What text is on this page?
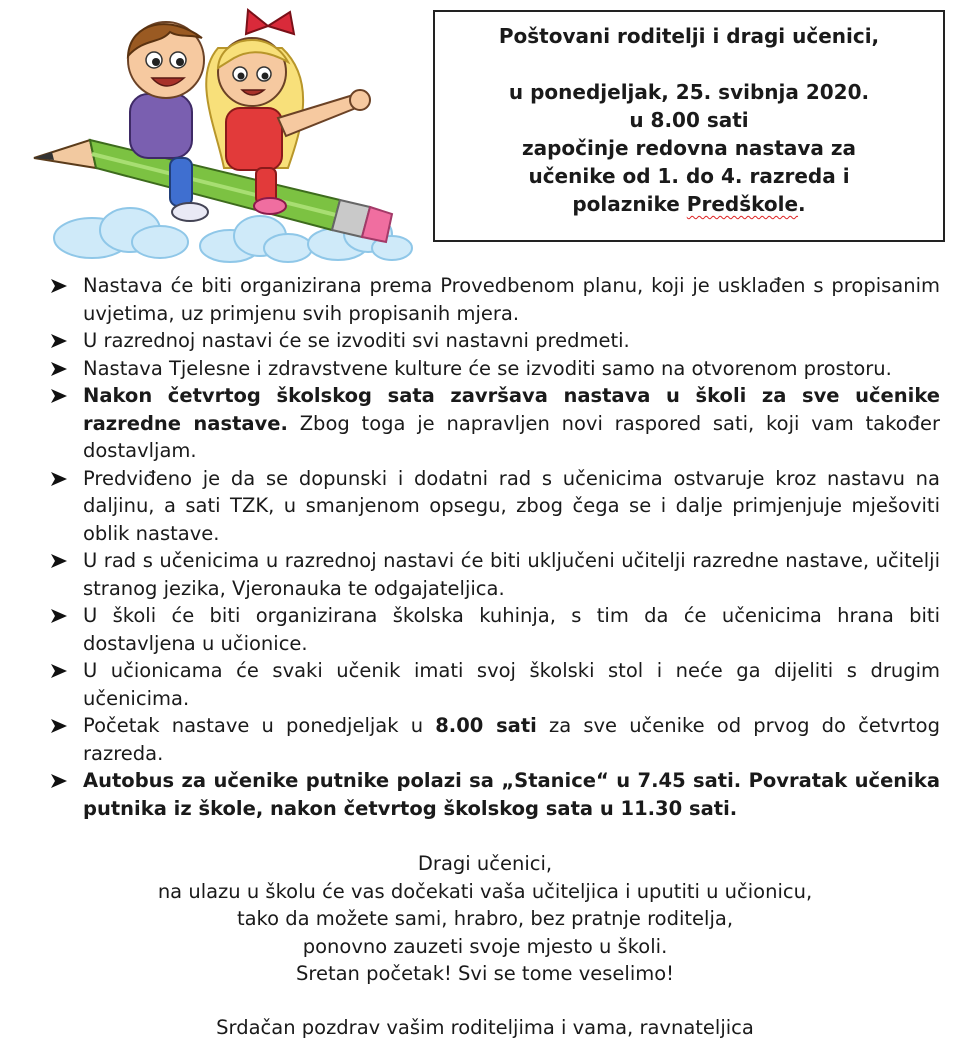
Poštovani roditelji i dragi učenici,
u ponedjeljak, 25. svibnja 2020.
u 8.00 sati
započinje redovna nastava za
učenike od 1. do 4. razreda i
polaznike Predškole.
Nastava će biti organizirana prema Provedbenom planu, koji je usklađen s propisanim uvjetima, uz primjenu svih propisanih mjera.
U razrednoj nastavi će se izvoditi svi nastavni predmeti.
Nastava Tjelesne i zdravstvene kulture će se izvoditi samo na otvorenom prostoru.
Nakon četvrtog školskog sata završava nastava u školi za sve učenike razredne nastave. Zbog toga je napravljen novi raspored sati, koji vam također dostavljam.
Predviđeno je da se dopunski i dodatni rad s učenicima ostvaruje kroz nastavu na daljinu, a sati TZK, u smanjenom opsegu, zbog čega se i dalje primjenjuje mješoviti oblik nastave.
U rad s učenicima u razrednoj nastavi će biti uključeni učitelji razredne nastave, učitelji stranog jezika, Vjeronauka te odgajateljica.
U školi će biti organizirana školska kuhinja, s tim da će učenicima hrana biti dostavljena u učionice.
U učionicama će svaki učenik imati svoj školski stol i neće ga dijeliti s drugim učenicima.
Početak nastave u ponedjeljak u 8.00 sati za sve učenike od prvog do četvrtog razreda.
Autobus za učenike putnike polazi sa „Stanice“ u 7.45 sati. Povratak učenika putnika iz škole, nakon četvrtog školskog sata u 11.30 sati.
Dragi učenici,
na ulazu u školu će vas dočekati vaša učiteljica i uputiti u učionicu,
tako da možete sami, hrabro, bez pratnje roditelja,
ponovno zauzeti svoje mjesto u školi.
Sretan početak! Svi se tome veselimo!
Srdačan pozdrav vašim roditeljima i vama, ravnateljica
